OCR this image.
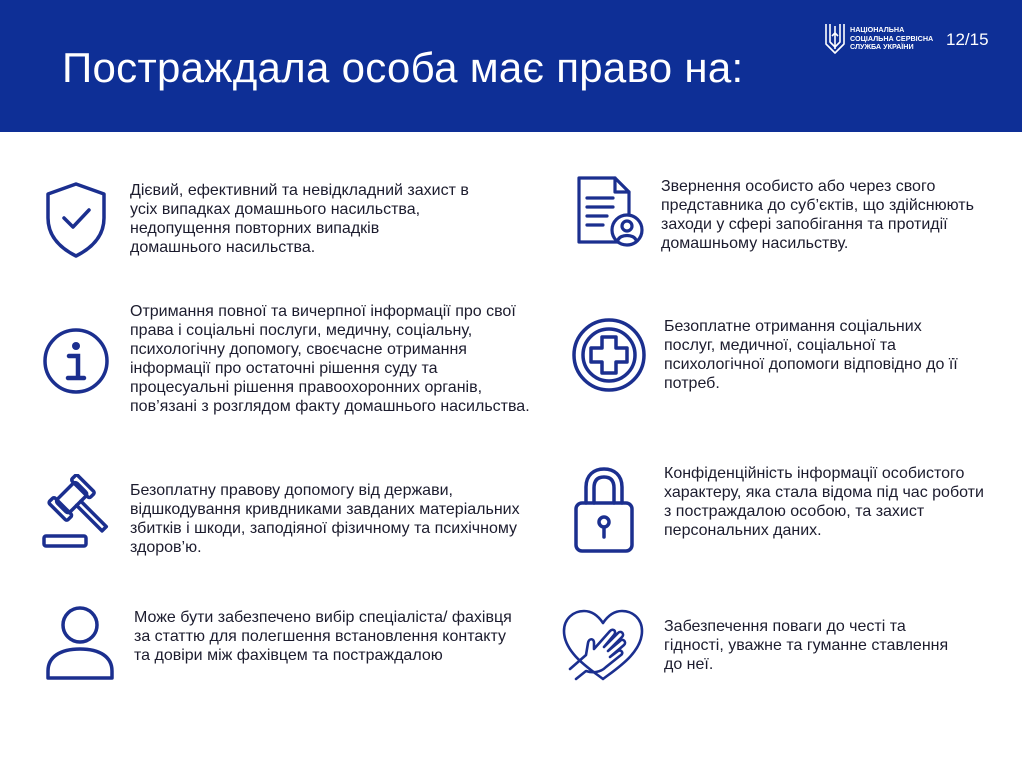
Постраждала особа має право на:
НАЦІОНАЛЬНА
СОЦІАЛЬНА СЕРВІСНА
СЛУЖБА УКРАЇНИ	12/15
Дієвий, ефективний та невідкладний захист в усіх випадках домашнього насильства, недопущення повторних випадків домашнього насильства.
Звернення особисто або через свого представника до суб’єктів, що здійснюють заходи у сфері запобігання та протидії домашньому насильству.
Отримання повної та вичерпної інформації про свої права і соціальні послуги, медичну, соціальну, психологічну допомогу, своєчасне отримання інформації про остаточні рішення суду та процесуальні рішення правоохоронних органів, пов’язані з розглядом факту домашнього насильства.
Безоплатне отримання соціальних послуг, медичної, соціальної та психологічної допомоги відповідно до її потреб.
Безоплатну правову допомогу від держави, відшкодування кривдниками завданих матеріальних збитків і шкоди, заподіяної фізичному та психічному здоров’ю.
Конфіденційність інформації особистого характеру, яка стала відома під час роботи з постраждалою особою, та захист персональних даних.
Може бути забезпечено вибір спеціаліста/ фахівця за статтю для полегшення встановлення контакту та довіри між фахівцем та постраждалою
Забезпечення поваги до честі та гідності, уважне та гуманне ставлення до неї.
